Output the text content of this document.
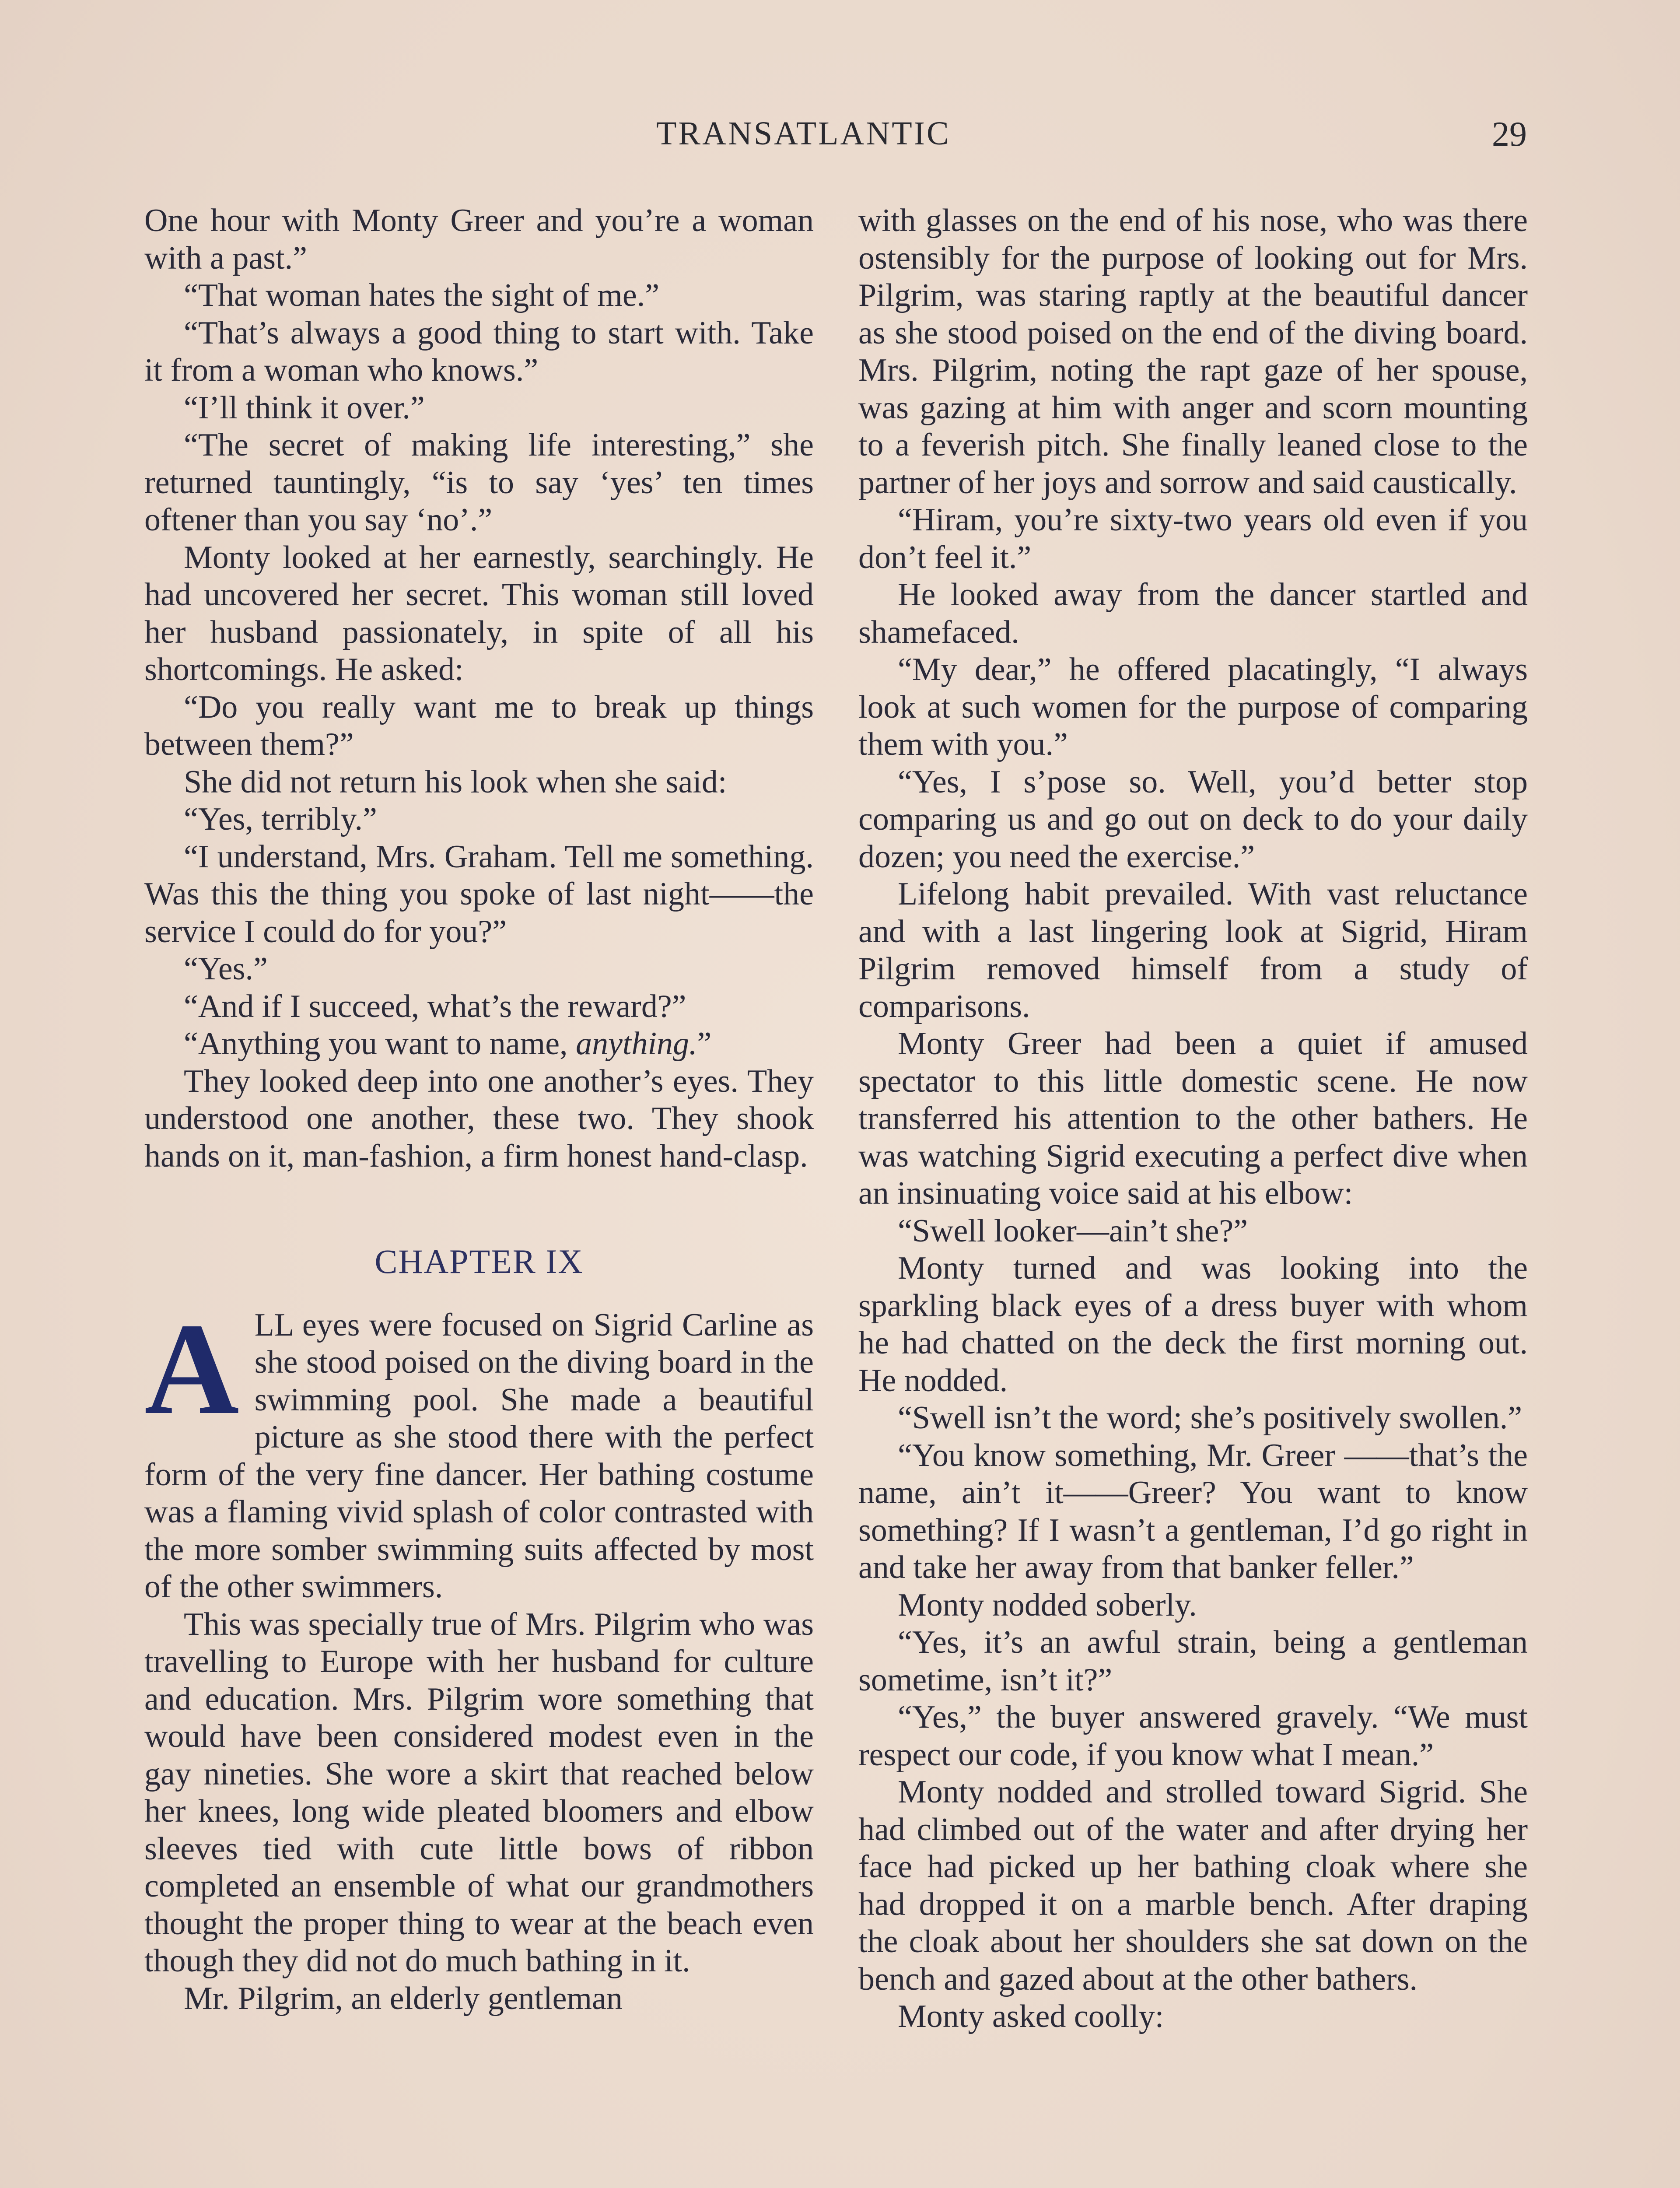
TRANSATLANTIC	29

One hour with Monty Greer and you’re a woman with a past.”

“That woman hates the sight of me.”

“That’s always a good thing to start with. Take it from a woman who knows.”

“I’ll think it over.”

“The secret of making life interesting,” she returned tauntingly, “is to say ‘yes’ ten times oftener than you say ‘no’.”

Monty looked at her earnestly, searchingly. He had uncovered her secret. This woman still loved her husband passionately, in spite of all his shortcomings. He asked:

“Do you really want me to break up things between them?”

She did not return his look when she said:

“Yes, terribly.”

“I understand, Mrs. Graham. Tell me something. Was this the thing you spoke of last night——the service I could do for you?”

“Yes.”

“And if I succeed, what’s the reward?”

“Anything you want to name, anything.”

They looked deep into one another’s eyes. They understood one another, these two. They shook hands on it, man-fashion, a firm honest hand-clasp.

CHAPTER IX

ALL eyes were focused on Sigrid Carline as she stood poised on the diving board in the swimming pool. She made a beautiful picture as she stood there with the perfect form of the very fine dancer. Her bathing costume was a flaming vivid splash of color contrasted with the more somber swimming suits affected by most of the other swimmers.

This was specially true of Mrs. Pilgrim who was travelling to Europe with her husband for culture and education. Mrs. Pilgrim wore something that would have been considered modest even in the gay nineties. She wore a skirt that reached below her knees, long wide pleated bloomers and elbow sleeves tied with cute little bows of ribbon completed an ensemble of what our grandmothers thought the proper thing to wear at the beach even though they did not do much bathing in it.

Mr. Pilgrim, an elderly gentleman

with glasses on the end of his nose, who was there ostensibly for the purpose of looking out for Mrs. Pilgrim, was staring raptly at the beautiful dancer as she stood poised on the end of the diving board. Mrs. Pilgrim, noting the rapt gaze of her spouse, was gazing at him with anger and scorn mounting to a feverish pitch. She finally leaned close to the partner of her joys and sorrow and said caustically.

“Hiram, you’re sixty-two years old even if you don’t feel it.”

He looked away from the dancer startled and shamefaced.

“My dear,” he offered placatingly, “I always look at such women for the purpose of comparing them with you.”

“Yes, I s’pose so. Well, you’d better stop comparing us and go out on deck to do your daily dozen; you need the exercise.”

Lifelong habit prevailed. With vast reluctance and with a last lingering look at Sigrid, Hiram Pilgrim removed himself from a study of comparisons.

Monty Greer had been a quiet if amused spectator to this little domestic scene. He now transferred his attention to the other bathers. He was watching Sigrid executing a perfect dive when an insinuating voice said at his elbow:

“Swell looker—ain’t she?”

Monty turned and was looking into the sparkling black eyes of a dress buyer with whom he had chatted on the deck the first morning out. He nodded.

“Swell isn’t the word; she’s positively swollen.”

“You know something, Mr. Greer ——that’s the name, ain’t it——Greer? You want to know something? If I wasn’t a gentleman, I’d go right in and take her away from that banker feller.”

Monty nodded soberly.

“Yes, it’s an awful strain, being a gentleman sometime, isn’t it?”

“Yes,” the buyer answered gravely. “We must respect our code, if you know what I mean.”

Monty nodded and strolled toward Sigrid. She had climbed out of the water and after drying her face had picked up her bathing cloak where she had dropped it on a marble bench. After draping the cloak about her shoulders she sat down on the bench and gazed about at the other bathers.

Monty asked coolly:
